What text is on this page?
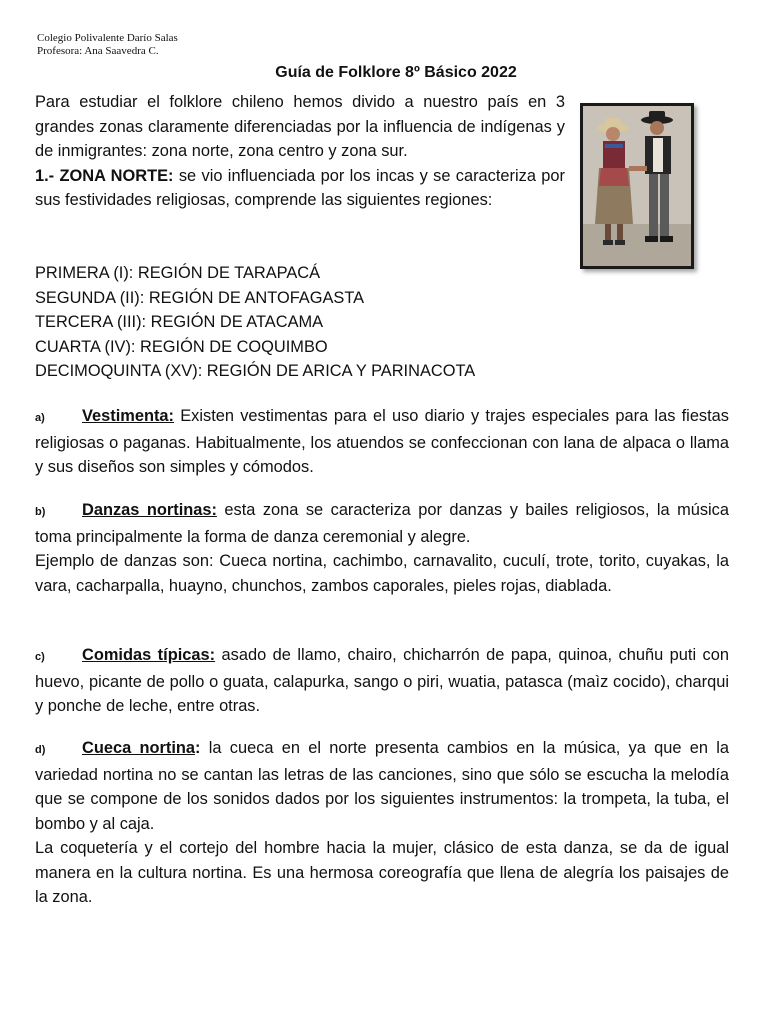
Colegio Polivalente Darío Salas
Profesora: Ana Saavedra C.
Guía de Folklore 8º Básico 2022

Para estudiar el folklore chileno hemos divido a nuestro país en 3 grandes zonas claramente diferenciadas por la influencia de indígenas y de inmigrantes: zona norte, zona centro y zona sur.

1.- ZONA NORTE: se vio influenciada por los incas y se caracteriza por sus festividades religiosas, comprende las siguientes regiones:

PRIMERA (I): REGIÓN DE TARAPACÁ
SEGUNDA (II): REGIÓN DE ANTOFAGASTA
TERCERA (III): REGIÓN DE ATACAMA
CUARTA (IV): REGIÓN DE COQUIMBO
DECIMOQUINTA (XV): REGIÓN DE ARICA Y PARINACOTA

a) Vestimenta: Existen vestimentas para el uso diario y trajes especiales para las fiestas religiosas o paganas. Habitualmente, los atuendos se confeccionan con lana de alpaca o llama y sus diseños son simples y cómodos.

b) Danzas nortinas: esta zona se caracteriza por danzas y bailes religiosos, la música toma principalmente la forma de danza ceremonial y alegre.

Ejemplo de danzas son: Cueca nortina, cachimbo, carnavalito, cuculí, trote, torito, cuyakas, la vara, cacharpalla, huayno, chunchos, zambos caporales, pieles rojas, diablada.

c) Comidas típicas: asado de llamo, chairo, chicharrón de papa, quinoa, chuñu puti con huevo, picante de pollo o guata, calapurka, sango o piri, wuatia, patasca (maìz cocido), charqui y ponche de leche, entre otras.

d) Cueca nortina: la cueca en el norte presenta cambios en la música, ya que en la variedad nortina no se cantan las letras de las canciones, sino que sólo se escucha la melodía que se compone de los sonidos dados por los siguientes instrumentos: la trompeta, la tuba, el bombo y al caja.

La coquetería y el cortejo del hombre hacia la mujer, clásico de esta danza, se da de igual manera en la cultura nortina. Es una hermosa coreografía que llena de alegría los paisajes de la zona.
